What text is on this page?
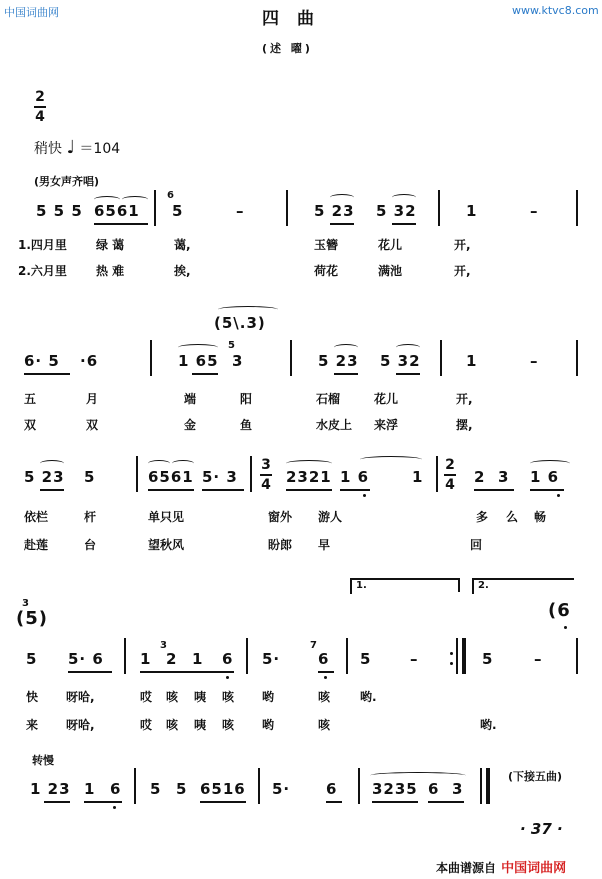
中国词曲网	www.ktvc8.com
四曲
(述 曜)
2
4
稍快 ♩ ＝104
(男女声齐唱)
5 5 5 6561
6
5	–	5 23 5 32	1	–
1.四月里 绿 蔼	蔼,	玉簪	花儿	开,
2.六月里 热 难	挨,	荷花	满池	开,
(5\.3)
6· 5 ·6	1 65
5
3	5 23 5 32	1	–
五	月	端	阳	石榴	花儿	开,
双	双	金	鱼	水皮上 来浮	摆,
5 23 5	6561 5· 3
3
4 2321 1 6	1
2
4 2 3 1 6
依栏	杆	单只见	窗外 游人	多 么 畅
赴莲	台	望秋风	盼郎 早	回
1.	2.
3
(5)	(6
5 5· 6 1
3
2 1 6 5·
7
6 5	–	5	–
快 呀哈,	哎 咳 咦 咳 哟	咳 哟.
来 呀哈,	哎 咳 咦 咳 哟	咳	哟.
转慢
1 23 1 6 5 5 6516 5· 6 3235 6 3
(下接五曲)
· 37 ·
本曲谱源自 中国词曲网
